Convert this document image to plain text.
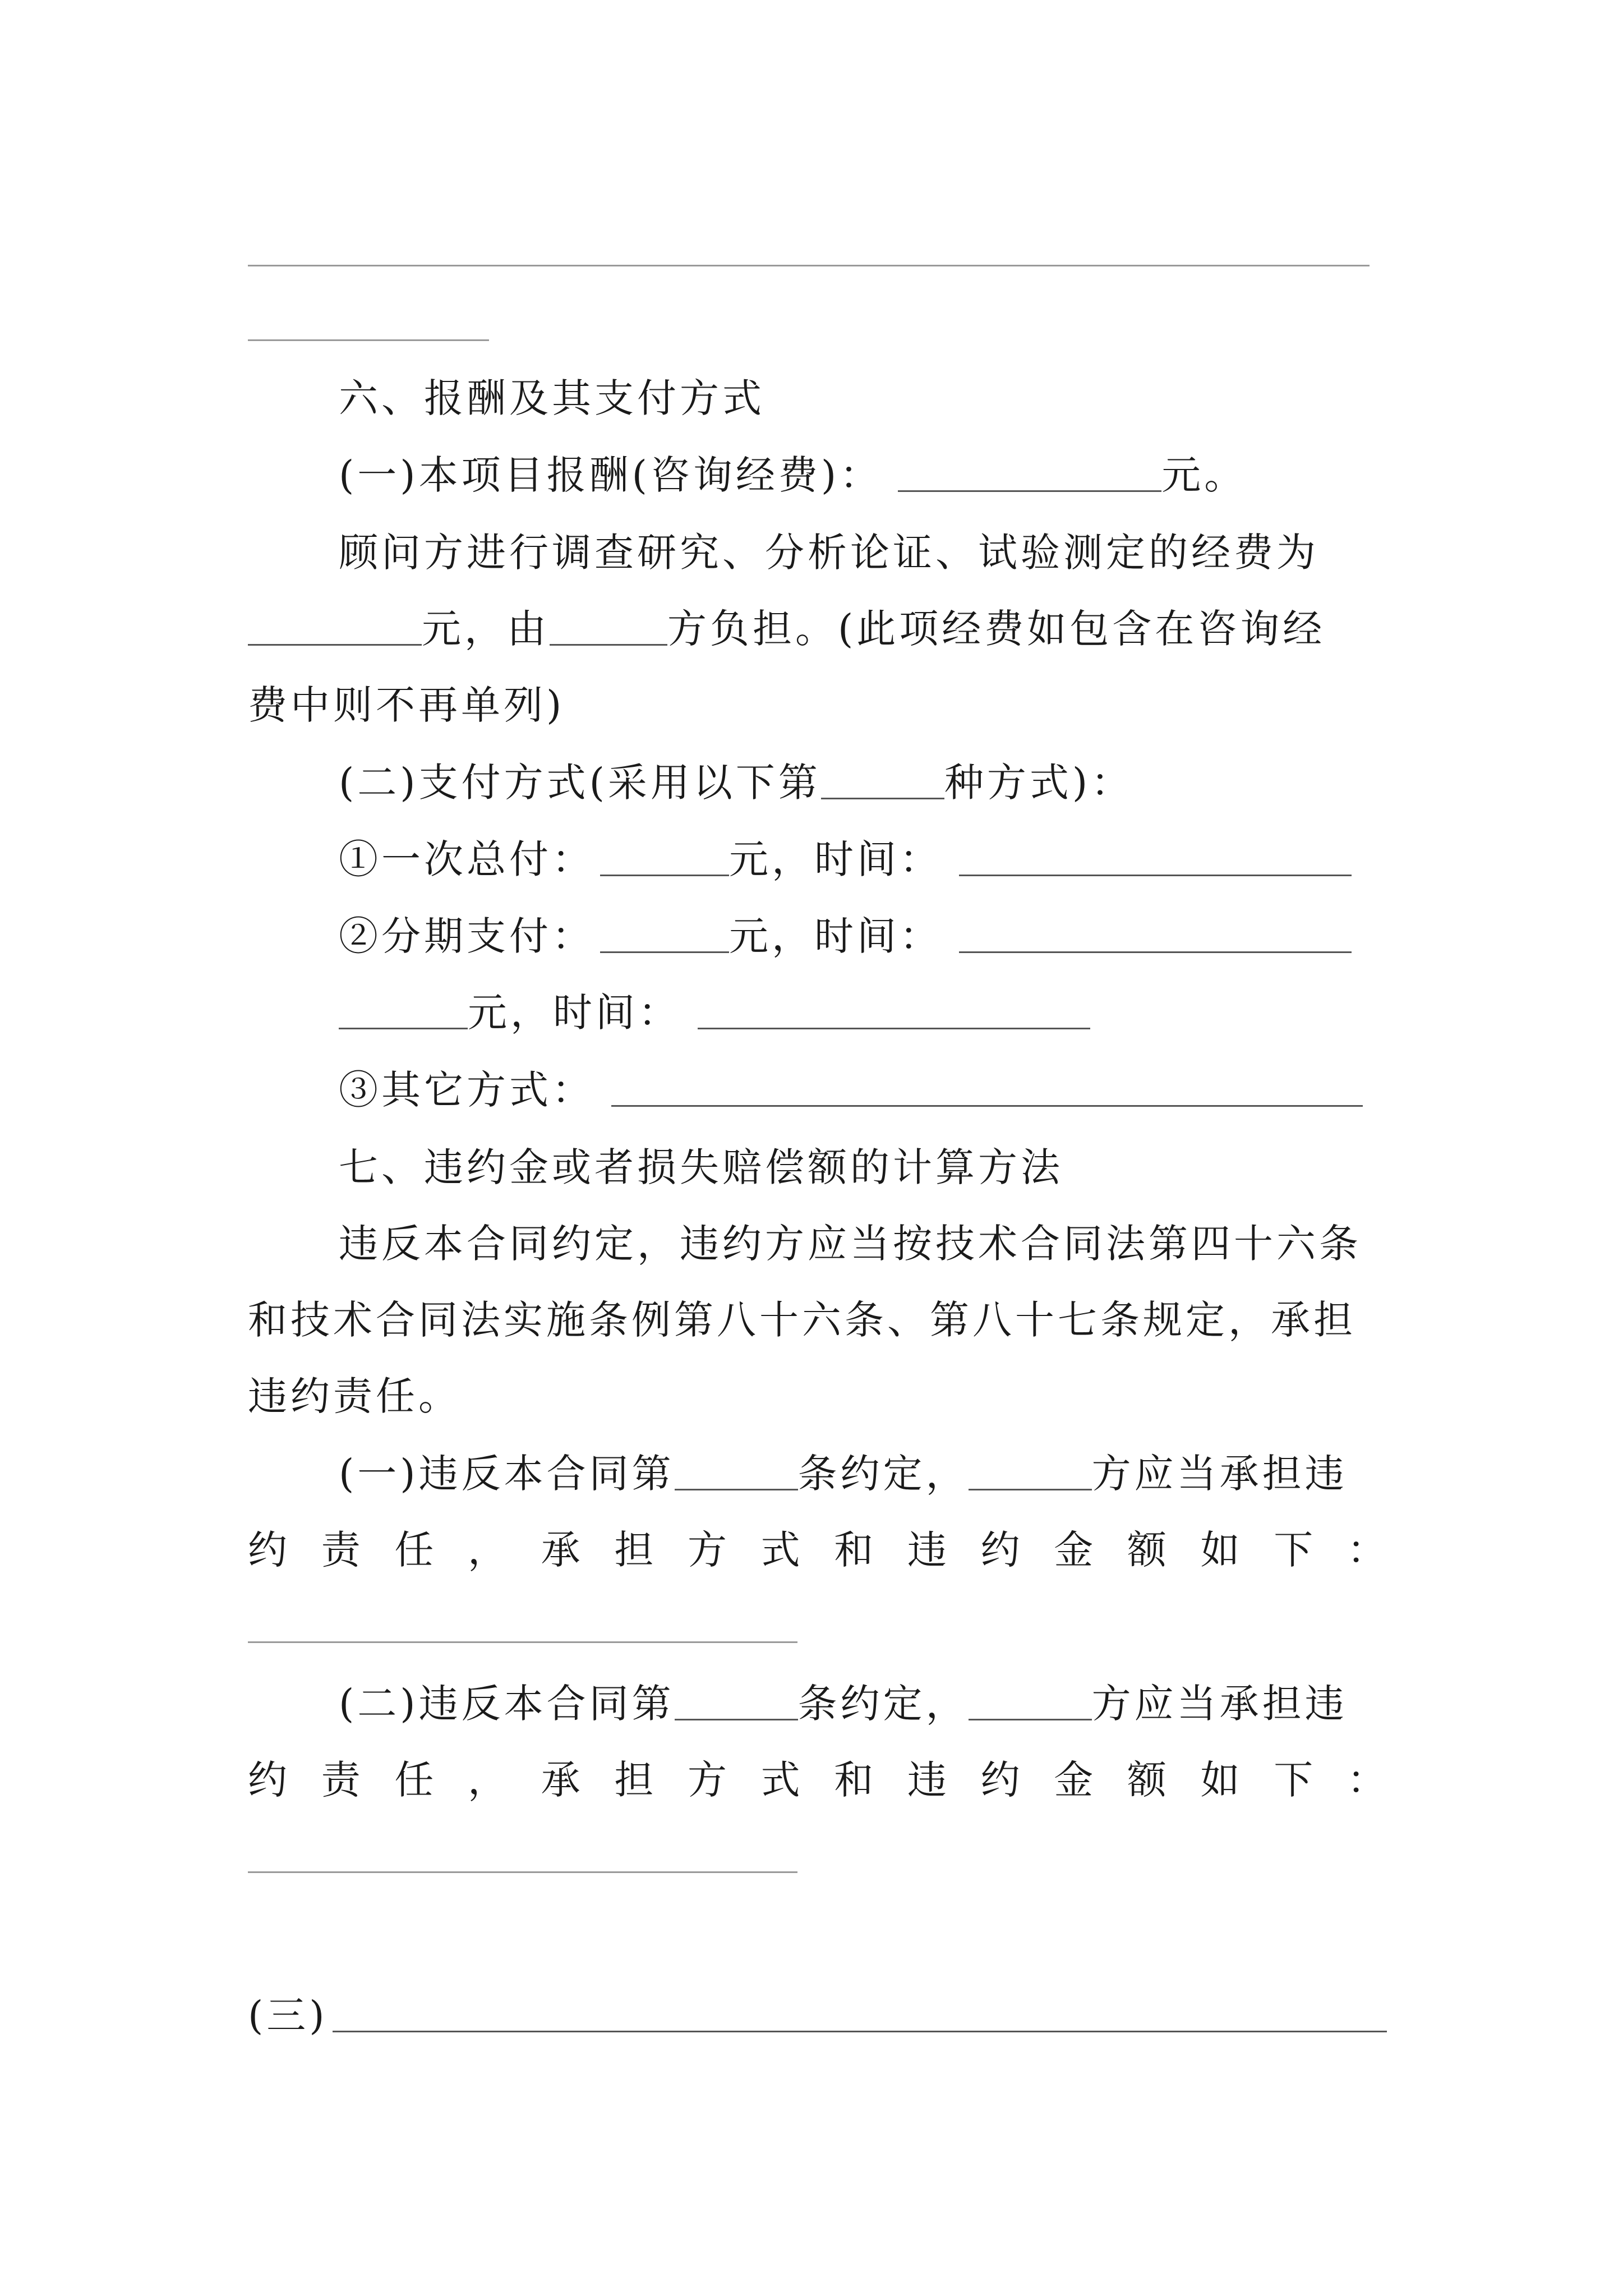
六、报酬及其支付方式
(一)本项目报酬(咨询经费)：	元。
顾问方进行调查研究、分析论证、试验测定的经费为
元，由	方负担。(此项经费如包含在咨询经
费中则不再单列)
(二)支付方式(采用以下第	种方式)：
①一次总付：	元，时间：
②分期支付：	元，时间：
元，时间：
③其它方式：
七、违约金或者损失赔偿额的计算方法
违反本合同约定，违约方应当按技术合同法第四十六条
和技术合同法实施条例第八十六条、第八十七条规定，承担
违约责任。
(一)违反本合同第	条约定，	方应当承担违
约 责 任 ， 承 担 方 式 和 违 约 金 额 如 下 ：
(二)违反本合同第	条约定，	方应当承担违
约 责 任 ， 承 担 方 式 和 违 约 金 额 如 下 ：
(三)
